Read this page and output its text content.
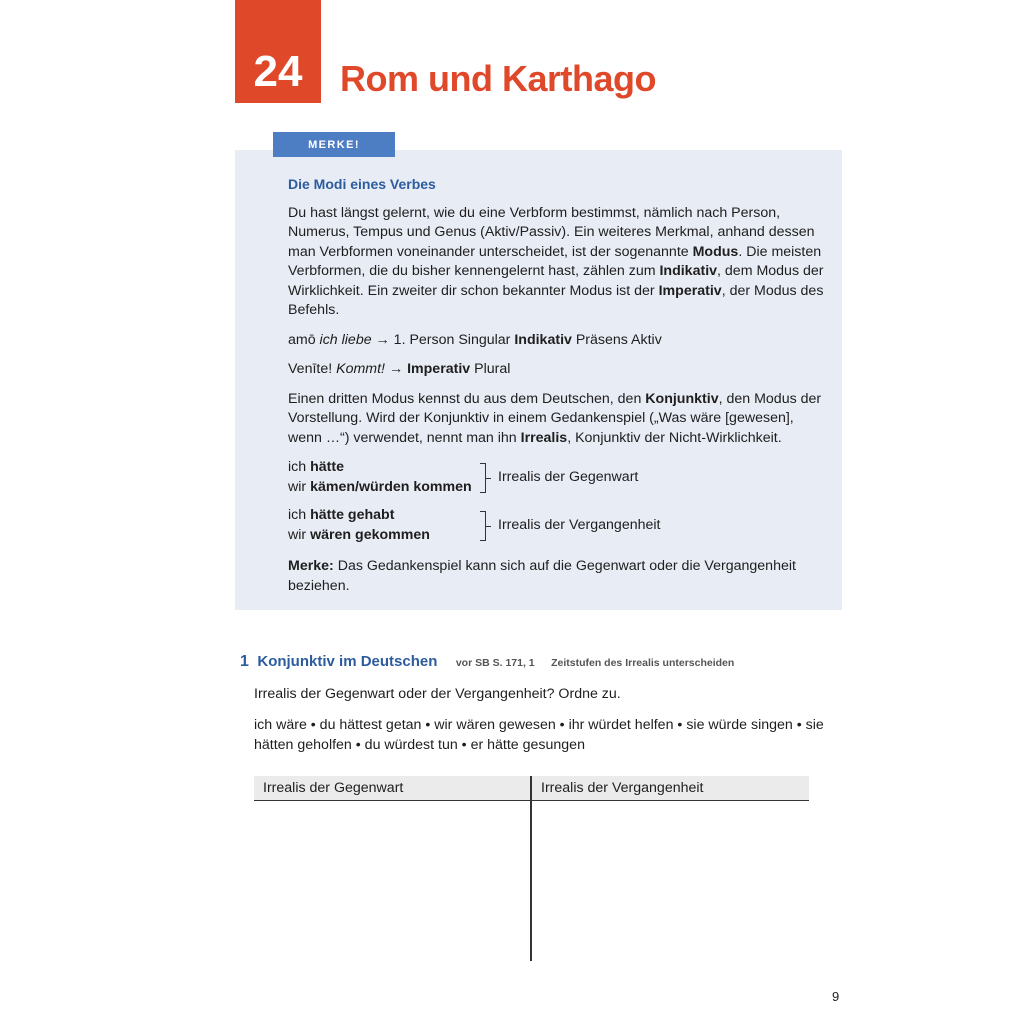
24 Rom und Karthago
MERKE!
Die Modi eines Verbes

Du hast längst gelernt, wie du eine Verbform bestimmst, nämlich nach Person, Numerus, Tempus und Genus (Aktiv/Passiv). Ein weiteres Merkmal, anhand dessen man Verbformen voneinander unterscheidet, ist der sogenannte Modus. Die meisten Verbformen, die du bisher kennengelernt hast, zählen zum Indikativ, dem Modus der Wirklichkeit. Ein zweiter dir schon bekannter Modus ist der Imperativ, der Modus des Befehls.

amō ich liebe → 1. Person Singular Indikativ Präsens Aktiv

Venīte! Kommt! → Imperativ Plural

Einen dritten Modus kennst du aus dem Deutschen, den Konjunktiv, den Modus der Vorstellung. Wird der Konjunktiv in einem Gedankenspiel („Was wäre [gewesen], wenn …“) verwendet, nennt man ihn Irrealis, Konjunktiv der Nicht-Wirklichkeit.

ich hätte
wir kämen/würden kommen
Irrealis der Gegenwart
ich hätte gehabt
wir wären gekommen
Irrealis der Vergangenheit

Merke: Das Gedankenspiel kann sich auf die Gegenwart oder die Vergangenheit beziehen.

1 Konjunktiv im Deutschen vor SB S. 171, 1 Zeitstufen des Irrealis unterscheiden
Irrealis der Gegenwart oder der Vergangenheit? Ordne zu.
ich wäre • du hättest getan • wir wären gewesen • ihr würdet helfen • sie würde singen • sie hätten geholfen • du würdest tun • er hätte gesungen
Irrealis der Gegenwart	Irrealis der Vergangenheit
9
